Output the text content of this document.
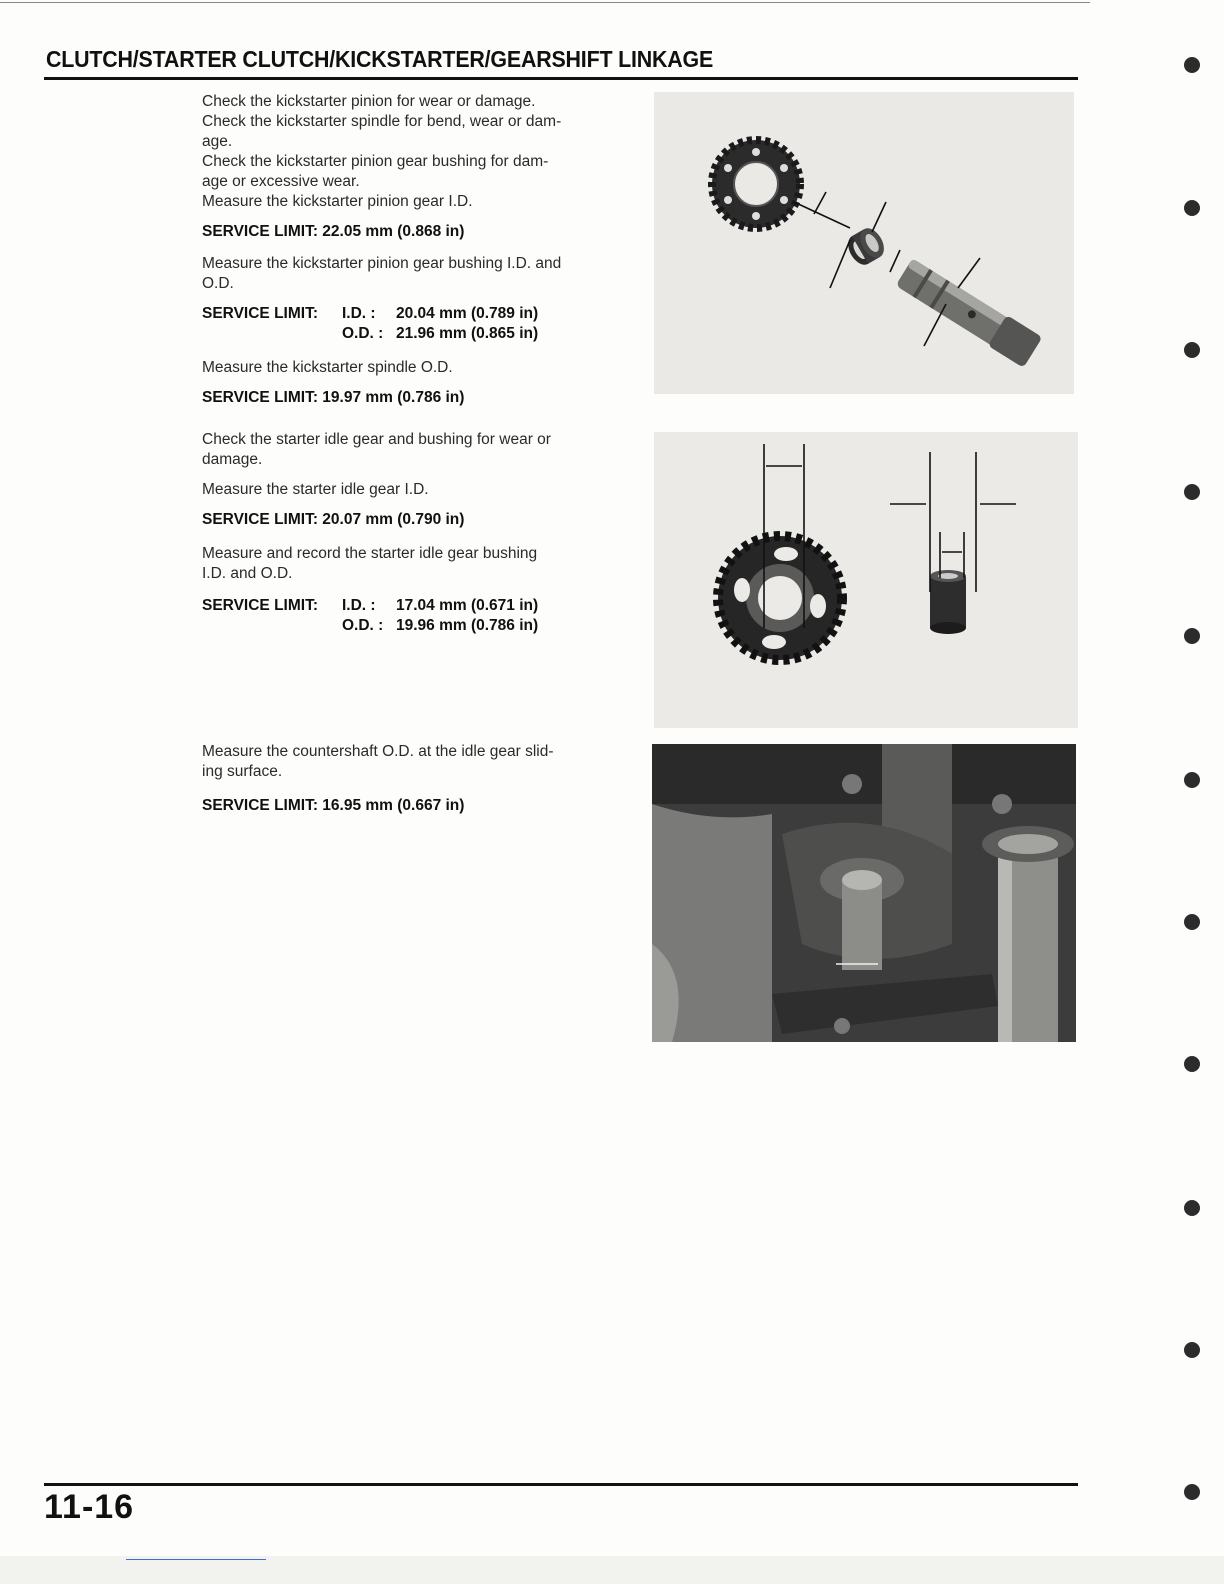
CLUTCH/STARTER CLUTCH/KICKSTARTER/GEARSHIFT LINKAGE

Check the kickstarter pinion for wear or damage.

Check the kickstarter spindle for bend, wear or dam-

age.

Check the kickstarter pinion gear bushing for dam-

age or excessive wear.

Measure the kickstarter pinion gear I.D.

SERVICE LIMIT: 22.05 mm (0.868 in)

Measure the kickstarter pinion gear bushing I.D. and

O.D.

SERVICE LIMIT:	I.D. :	20.04 mm (0.789 in)
O.D. : 21.96 mm (0.865 in)

Measure the kickstarter spindle O.D.

SERVICE LIMIT: 19.97 mm (0.786 in)

Check the starter idle gear and bushing for wear or

damage.

Measure the starter idle gear I.D.

SERVICE LIMIT: 20.07 mm (0.790 in)

Measure and record the starter idle gear bushing

I.D. and O.D.

SERVICE LIMIT:	I.D. :	17.04 mm (0.671 in)
O.D. : 19.96 mm (0.786 in)

Measure the countershaft O.D. at the idle gear slid-

ing surface.

SERVICE LIMIT: 16.95 mm (0.667 in)

11-16
